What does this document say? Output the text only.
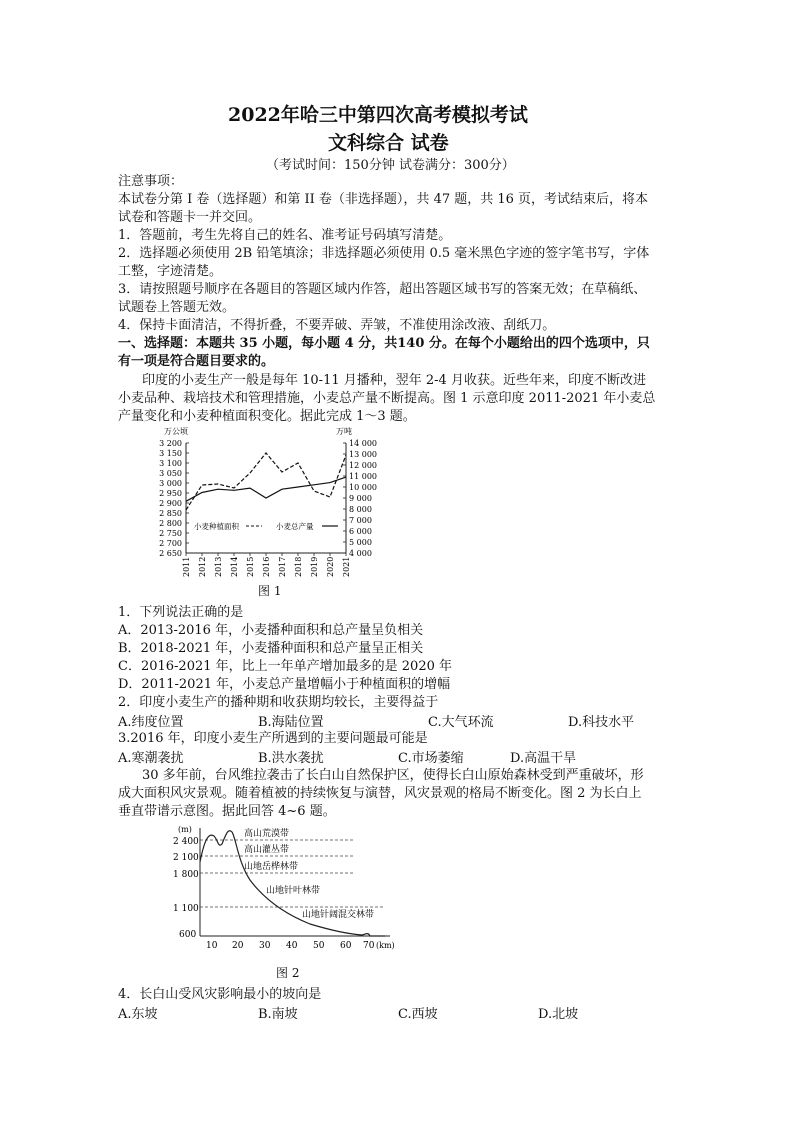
2022年哈三中第四次高考模拟考试
文科综合 试卷
（考试时间：150分钟 试卷满分：300分）
注意事项：
本试卷分第 I 卷（选择题）和第 II 卷（非选择题），共 47 题，共 16 页，考试结束后，将本
试卷和答题卡一并交回。
1．答题前，考生先将自己的姓名、准考证号码填写清楚。
2．选择题必须使用 2B 铅笔填涂；非选择题必须使用 0.5 毫米黑色字迹的签字笔书写，字体
工整，字迹清楚。
3．请按照题号顺序在各题目的答题区域内作答，超出答题区域书写的答案无效；在草稿纸、
试题卷上答题无效。
4．保持卡面清洁，不得折叠，不要弄破、弄皱，不准使用涂改液、刮纸刀。
一、选择题：本题共 35 小题，每小题 4 分，共140 分。在每个小题给出的四个选项中，只
有一项是符合题目要求的。
印度的小麦生产一般是每年 10-11 月播种，翌年 2-4 月收获。近些年来，印度不断改进
小麦品种、栽培技术和管理措施，小麦总产量不断提高。图 1 示意印度 2011-2021 年小麦总
产量变化和小麦种植面积变化。据此完成 1～3 题。
万公顷	万吨
3 200
3 150
3 100
3 050
3 000
2 950
2 900
2 850
2 800
2 750
2 700
2 650
14 000
13 000
12 000
11 000
10 000
9 000
8 000
7 000
6 000
5 000
4 000
2011 2012 2013 2014 2015 2016 2017 2018 2019 2020 2021
小麦种植面积	小麦总产量
图 1
1．下列说法正确的是
A．2013-2016 年，小麦播种面积和总产量呈负相关
B．2018-2021 年，小麦播种面积和总产量呈正相关
C．2016-2021 年，比上一年单产增加最多的是 2020 年
D．2011-2021 年，小麦总产量增幅小于种植面积的增幅
2．印度小麦生产的播种期和收获期均较长，主要得益于
A.纬度位置	B.海陆位置	C.大气环流	D.科技水平
3.2016 年，印度小麦生产所遇到的主要问题最可能是
A.寒潮袭扰	B.洪水袭扰	C.市场萎缩	D.高温干旱
30 多年前，台风维拉袭击了长白山自然保护区，使得长白山原始森林受到严重破坏，形
成大面积风灾景观。随着植被的持续恢复与演替，风灾景观的格局不断变化。图 2 为长白上
垂直带谱示意图。据此回答 4~6 题。
(m)
2 400
2 100
1 800
1 100
600
高山荒漠带
高山灌丛带
山地岳桦林带
山地针叶林带
山地针阔混交林带
10 20 30 40 50 60 70 (km)
图 2
4．长白山受风灾影响最小的坡向是
A.东坡	B.南坡	C.西坡	D.北坡
